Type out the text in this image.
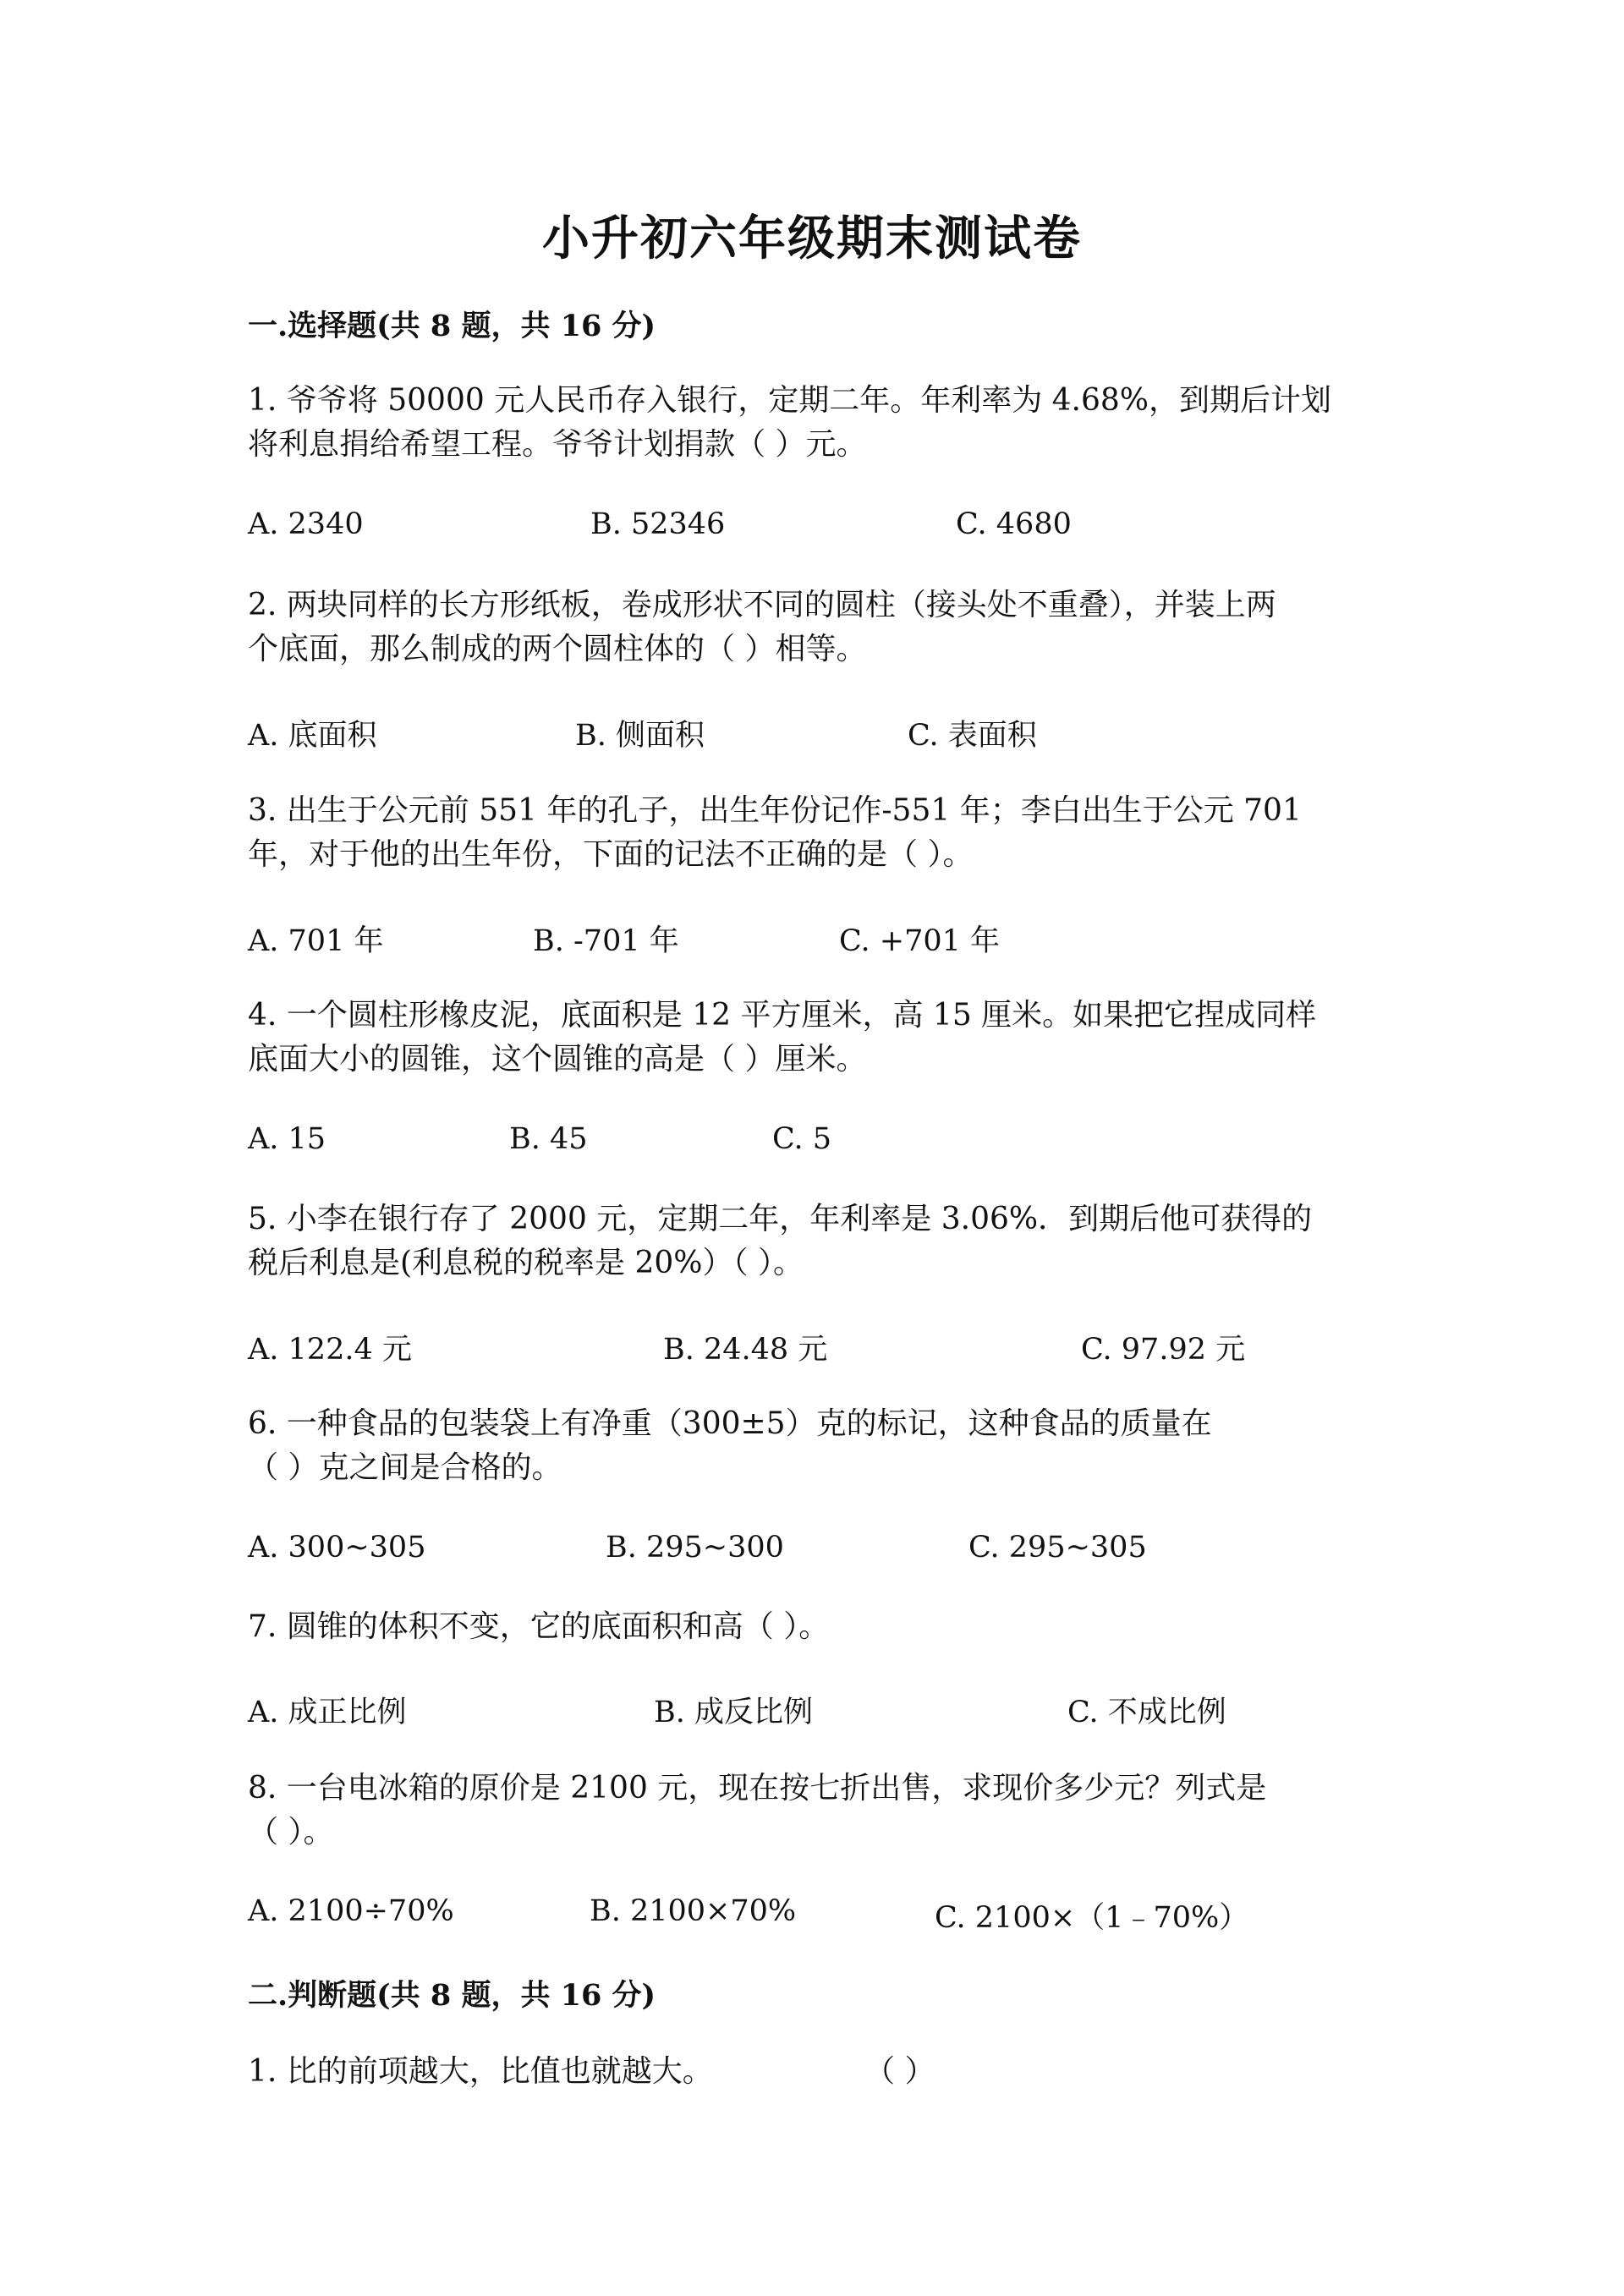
小升初六年级期末测试卷
一.选择题(共 8 题，共 16 分)
1. 爷爷将 50000 元人民币存入银行，定期二年。年利率为 4.68%，到期后计划
将利息捐给希望工程。爷爷计划捐款（ ）元。
A. 2340	B. 52346	C. 4680
2. 两块同样的长方形纸板，卷成形状不同的圆柱（接头处不重叠），并装上两
个底面，那么制成的两个圆柱体的（ ）相等。
A. 底面积	B. 侧面积	C. 表面积
3. 出生于公元前 551 年的孔子，出生年份记作-551 年；李白出生于公元 701
年，对于他的出生年份，下面的记法不正确的是（ ）。
A. 701 年	B. -701 年	C. +701 年
4. 一个圆柱形橡皮泥，底面积是 12 平方厘米，高 15 厘米。如果把它捏成同样
底面大小的圆锥，这个圆锥的高是（ ）厘米。
A. 15	B. 45	C. 5
5. 小李在银行存了 2000 元，定期二年，年利率是 3.06%．到期后他可获得的
税后利息是(利息税的税率是 20%）（ ）。
A. 122.4 元	B. 24.48 元	C. 97.92 元
6. 一种食品的包装袋上有净重（300±5）克的标记，这种食品的质量在
（ ）克之间是合格的。
A. 300~305	B. 295~300	C. 295~305
7. 圆锥的体积不变，它的底面积和高（ ）。
A. 成正比例	B. 成反比例	C. 不成比例
8. 一台电冰箱的原价是 2100 元，现在按七折出售，求现价多少元？列式是
（ ）。
A. 2100÷70%	B. 2100×70%	C. 2100×（1﹣70%）
二.判断题(共 8 题，共 16 分)
1. 比的前项越大，比值也就越大。	（ ）
